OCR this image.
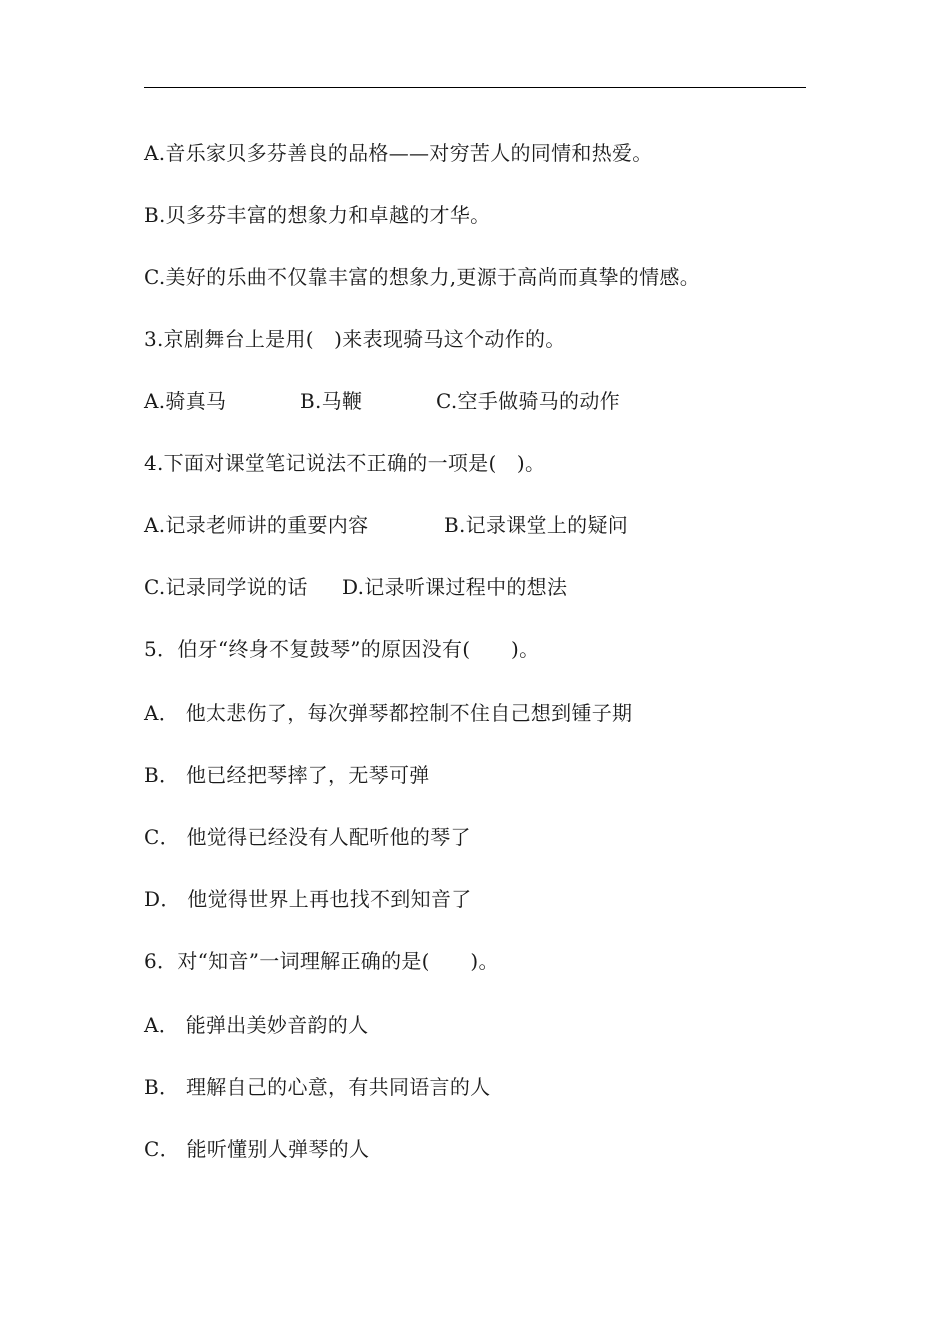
A.音乐家贝多芬善良的品格——对穷苦人的同情和热爱。
B.贝多芬丰富的想象力和卓越的才华。
C.美好的乐曲不仅靠丰富的想象力,更源于高尚而真挚的情感。
3.京剧舞台上是用(　)来表现骑马这个动作的。

A.骑真马

	B.马鞭

	C.空手做骑马的动作

4.下面对课堂笔记说法不正确的一项是(　)。

A.记录老师讲的重要内容

	B.记录课堂上的疑问

C.记录同学说的话

D.记录听课过程中的想法

5．伯牙“终身不复鼓琴”的原因没有(　　)。
A． 他太悲伤了，每次弹琴都控制不住自己想到锺子期
B． 他已经把琴摔了，无琴可弹
C． 他觉得已经没有人配听他的琴了
D． 他觉得世界上再也找不到知音了
6．对“知音”一词理解正确的是(　　)。
A． 能弹出美妙音韵的人
B． 理解自己的心意，有共同语言的人
C． 能听懂别人弹琴的人
